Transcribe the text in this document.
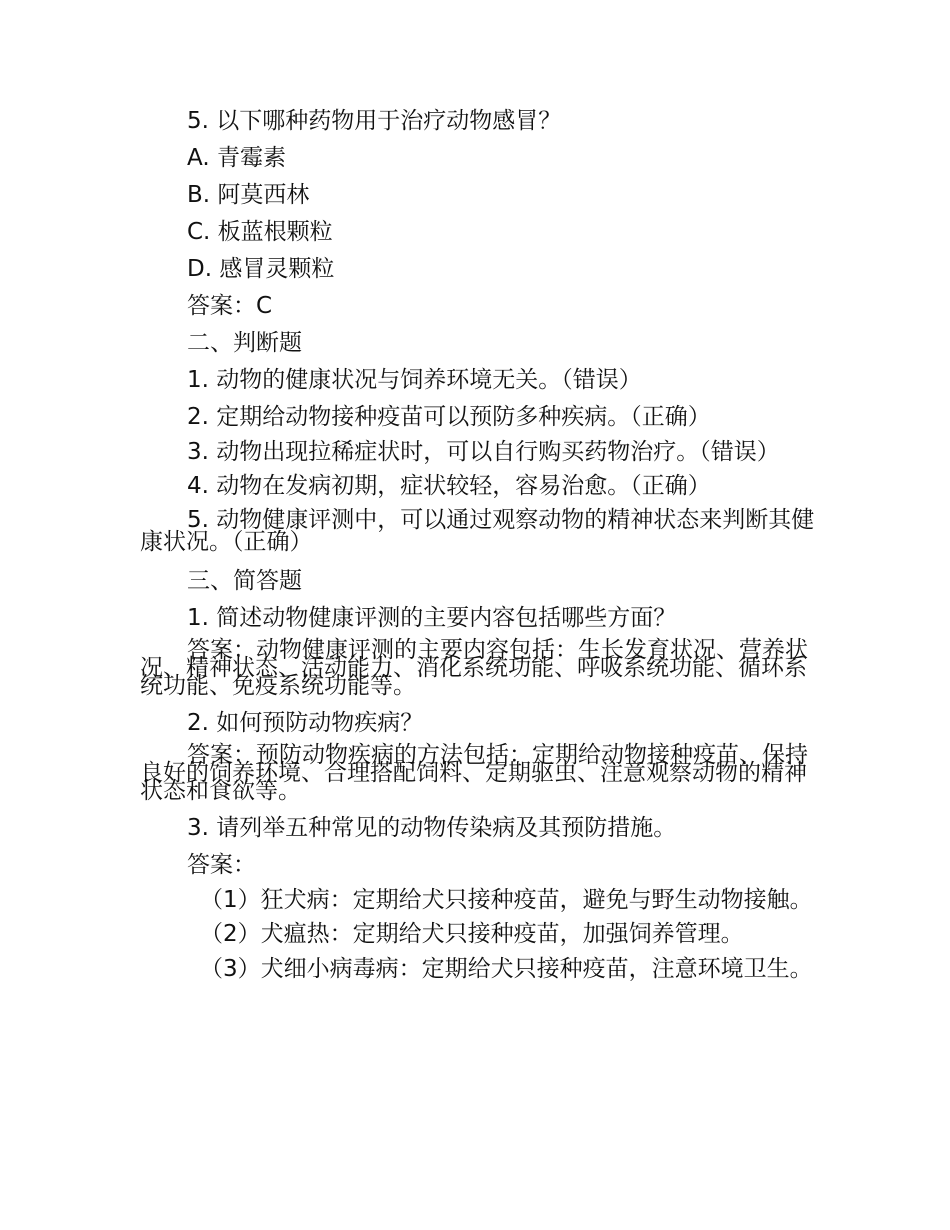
5. 以下哪种药物用于治疗动物感冒？

A. 青霉素

B. 阿莫西林

C. 板蓝根颗粒

D. 感冒灵颗粒

答案：C

二、判断题

1. 动物的健康状况与饲养环境无关。（错误）

2. 定期给动物接种疫苗可以预防多种疾病。（正确）

3. 动物出现拉稀症状时，可以自行购买药物治疗。（错误）

4. 动物在发病初期，症状较轻，容易治愈。（正确）

5. 动物健康评测中，可以通过观察动物的精神状态来判断其健康状况。（正确）

三、简答题

1. 简述动物健康评测的主要内容包括哪些方面？

答案：动物健康评测的主要内容包括：生长发育状况、营养状况、精神状态、活动能力、消化系统功能、呼吸系统功能、循环系统功能、免疫系统功能等。

2. 如何预防动物疾病？

答案：预防动物疾病的方法包括：定期给动物接种疫苗、保持良好的饲养环境、合理搭配饲料、定期驱虫、注意观察动物的精神状态和食欲等。

3. 请列举五种常见的动物传染病及其预防措施。

答案：

（1）狂犬病：定期给犬只接种疫苗，避免与野生动物接触。

（2）犬瘟热：定期给犬只接种疫苗，加强饲养管理。

（3）犬细小病毒病：定期给犬只接种疫苗，注意环境卫生。
